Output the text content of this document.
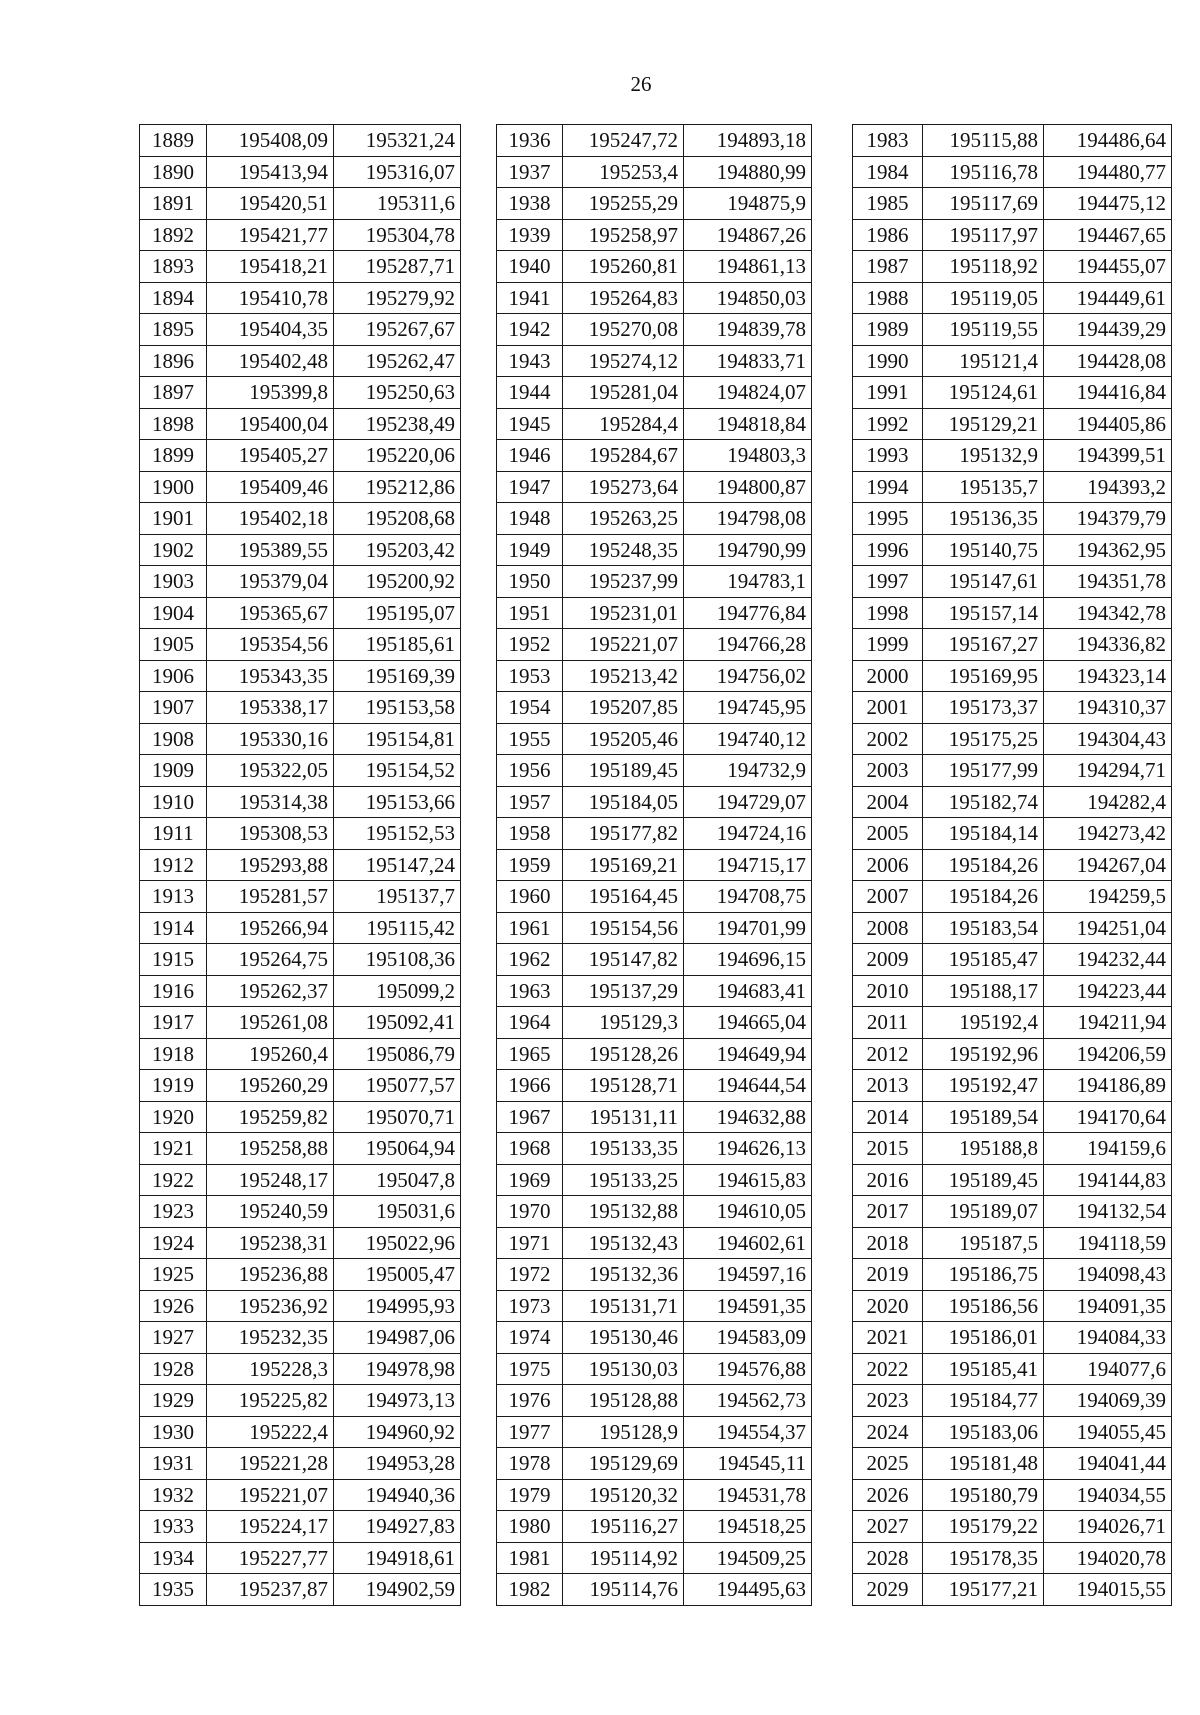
26
1889	195408,09	195321,24
1890	195413,94	195316,07
1891	195420,51	195311,6
1892	195421,77	195304,78
1893	195418,21	195287,71
1894	195410,78	195279,92
1895	195404,35	195267,67
1896	195402,48	195262,47
1897	195399,8	195250,63
1898	195400,04	195238,49
1899	195405,27	195220,06
1900	195409,46	195212,86
1901	195402,18	195208,68
1902	195389,55	195203,42
1903	195379,04	195200,92
1904	195365,67	195195,07
1905	195354,56	195185,61
1906	195343,35	195169,39
1907	195338,17	195153,58
1908	195330,16	195154,81
1909	195322,05	195154,52
1910	195314,38	195153,66
1911	195308,53	195152,53
1912	195293,88	195147,24
1913	195281,57	195137,7
1914	195266,94	195115,42
1915	195264,75	195108,36
1916	195262,37	195099,2
1917	195261,08	195092,41
1918	195260,4	195086,79
1919	195260,29	195077,57
1920	195259,82	195070,71
1921	195258,88	195064,94
1922	195248,17	195047,8
1923	195240,59	195031,6
1924	195238,31	195022,96
1925	195236,88	195005,47
1926	195236,92	194995,93
1927	195232,35	194987,06
1928	195228,3	194978,98
1929	195225,82	194973,13
1930	195222,4	194960,92
1931	195221,28	194953,28
1932	195221,07	194940,36
1933	195224,17	194927,83
1934	195227,77	194918,61
1935	195237,87	194902,59
1936	195247,72	194893,18
1937	195253,4	194880,99
1938	195255,29	194875,9
1939	195258,97	194867,26
1940	195260,81	194861,13
1941	195264,83	194850,03
1942	195270,08	194839,78
1943	195274,12	194833,71
1944	195281,04	194824,07
1945	195284,4	194818,84
1946	195284,67	194803,3
1947	195273,64	194800,87
1948	195263,25	194798,08
1949	195248,35	194790,99
1950	195237,99	194783,1
1951	195231,01	194776,84
1952	195221,07	194766,28
1953	195213,42	194756,02
1954	195207,85	194745,95
1955	195205,46	194740,12
1956	195189,45	194732,9
1957	195184,05	194729,07
1958	195177,82	194724,16
1959	195169,21	194715,17
1960	195164,45	194708,75
1961	195154,56	194701,99
1962	195147,82	194696,15
1963	195137,29	194683,41
1964	195129,3	194665,04
1965	195128,26	194649,94
1966	195128,71	194644,54
1967	195131,11	194632,88
1968	195133,35	194626,13
1969	195133,25	194615,83
1970	195132,88	194610,05
1971	195132,43	194602,61
1972	195132,36	194597,16
1973	195131,71	194591,35
1974	195130,46	194583,09
1975	195130,03	194576,88
1976	195128,88	194562,73
1977	195128,9	194554,37
1978	195129,69	194545,11
1979	195120,32	194531,78
1980	195116,27	194518,25
1981	195114,92	194509,25
1982	195114,76	194495,63
1983	195115,88	194486,64
1984	195116,78	194480,77
1985	195117,69	194475,12
1986	195117,97	194467,65
1987	195118,92	194455,07
1988	195119,05	194449,61
1989	195119,55	194439,29
1990	195121,4	194428,08
1991	195124,61	194416,84
1992	195129,21	194405,86
1993	195132,9	194399,51
1994	195135,7	194393,2
1995	195136,35	194379,79
1996	195140,75	194362,95
1997	195147,61	194351,78
1998	195157,14	194342,78
1999	195167,27	194336,82
2000	195169,95	194323,14
2001	195173,37	194310,37
2002	195175,25	194304,43
2003	195177,99	194294,71
2004	195182,74	194282,4
2005	195184,14	194273,42
2006	195184,26	194267,04
2007	195184,26	194259,5
2008	195183,54	194251,04
2009	195185,47	194232,44
2010	195188,17	194223,44
2011	195192,4	194211,94
2012	195192,96	194206,59
2013	195192,47	194186,89
2014	195189,54	194170,64
2015	195188,8	194159,6
2016	195189,45	194144,83
2017	195189,07	194132,54
2018	195187,5	194118,59
2019	195186,75	194098,43
2020	195186,56	194091,35
2021	195186,01	194084,33
2022	195185,41	194077,6
2023	195184,77	194069,39
2024	195183,06	194055,45
2025	195181,48	194041,44
2026	195180,79	194034,55
2027	195179,22	194026,71
2028	195178,35	194020,78
2029	195177,21	194015,55
